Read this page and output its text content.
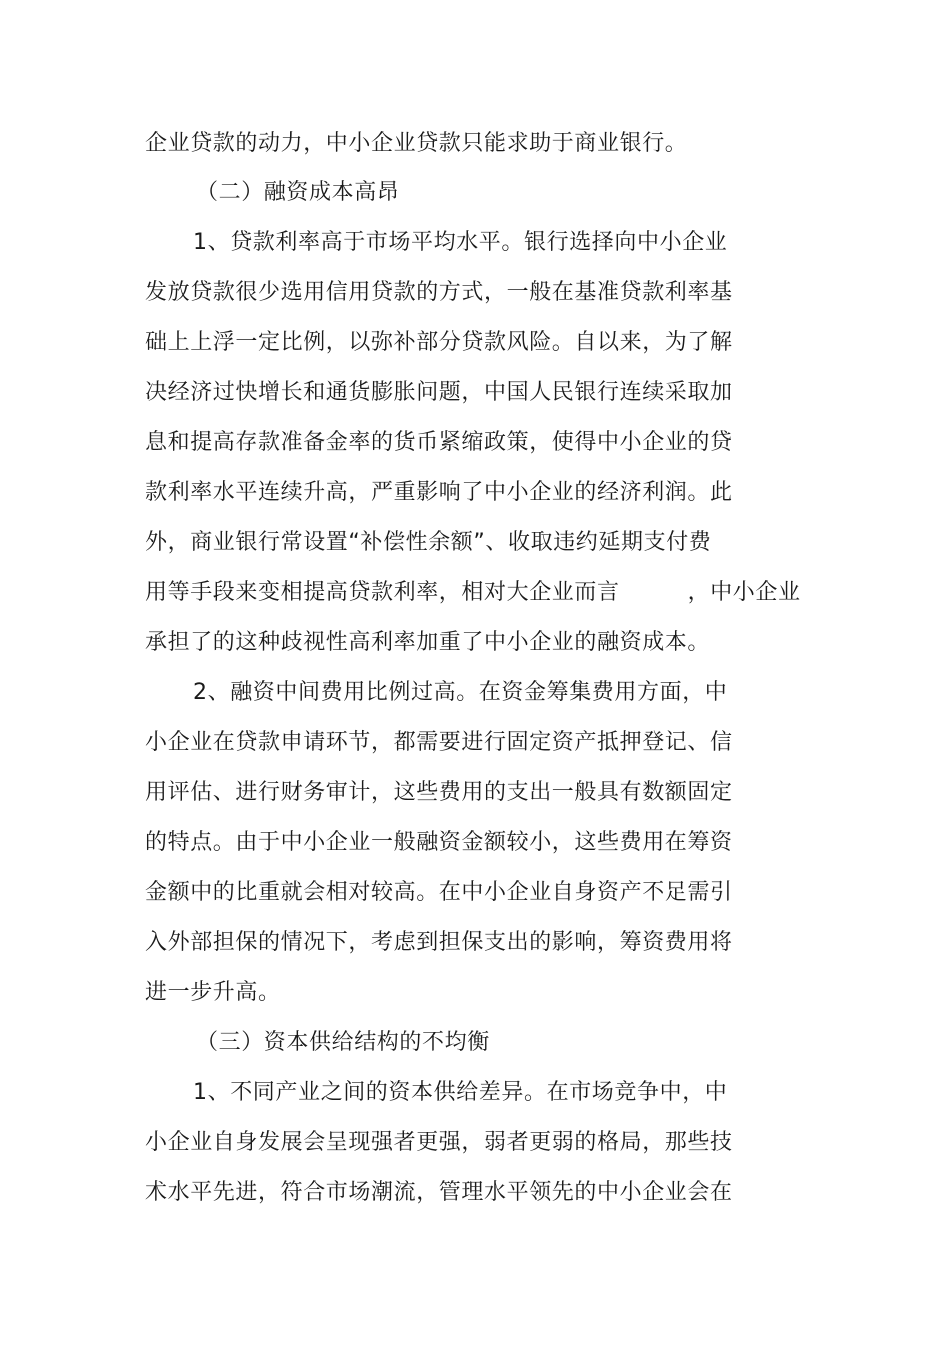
企业贷款的动力，中小企业贷款只能求助于商业银行。
（二）融资成本高昂
1、贷款利率高于市场平均水平。银行选择向中小企业
发放贷款很少选用信用贷款的方式，一般在基准贷款利率基
础上上浮一定比例，以弥补部分贷款风险。自以来，为了解
决经济过快增长和通货膨胀问题，中国人民银行连续采取加
息和提高存款准备金率的货币紧缩政策，使得中小企业的贷
款利率水平连续升高，严重影响了中小企业的经济利润。此
外，商业银行常设置“补偿性余额”、收取违约延期支付费
用等手段来变相提高贷款利率，相对大企业而言	，中小企业
承担了的这种歧视性高利率加重了中小企业的融资成本。
2、融资中间费用比例过高。在资金筹集费用方面，中
小企业在贷款申请环节，都需要进行固定资产抵押登记、信
用评估、进行财务审计，这些费用的支出一般具有数额固定
的特点。由于中小企业一般融资金额较小，这些费用在筹资
金额中的比重就会相对较高。在中小企业自身资产不足需引
入外部担保的情况下，考虑到担保支出的影响，筹资费用将
进一步升高。
（三）资本供给结构的不均衡
1、不同产业之间的资本供给差异。在市场竞争中，中
小企业自身发展会呈现强者更强，弱者更弱的格局，那些技
术水平先进，符合市场潮流，管理水平领先的中小企业会在
